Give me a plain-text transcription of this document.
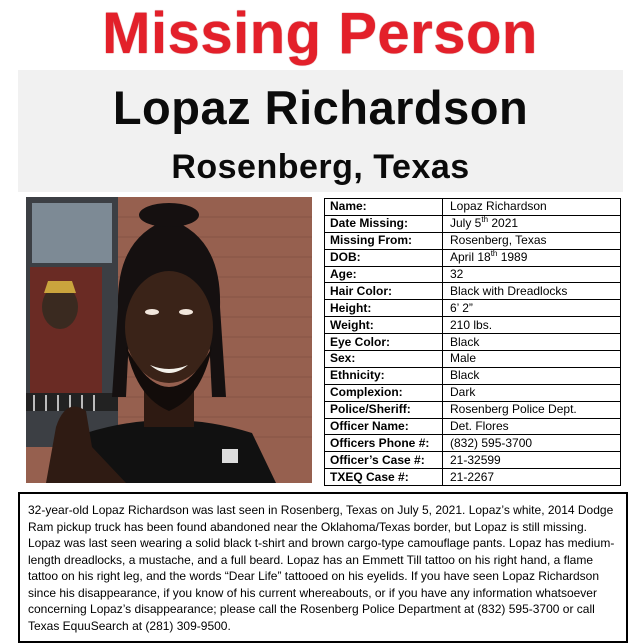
Missing Person
Lopaz Richardson
Rosenberg, Texas
Name:	Lopaz Richardson
Date Missing:	July 5th 2021
Missing From:	Rosenberg, Texas
DOB:	April 18th 1989
Age:	32
Hair Color:	Black with Dreadlocks
Height:	6’ 2”
Weight:	210 lbs.
Eye Color:	Black
Sex:	Male
Ethnicity:	Black
Complexion:	Dark
Police/Sheriff:	Rosenberg Police Dept.
Officer Name:	Det. Flores
Officers Phone #:	(832) 595-3700
Officer’s Case #:	21-32599
TXEQ Case #:	21-2267
32-year-old Lopaz Richardson was last seen in Rosenberg, Texas on July 5, 2021. Lopaz’s white, 2014 Dodge Ram pickup truck has been found abandoned near the Oklahoma/Texas border, but Lopaz is still missing. Lopaz was last seen wearing a solid black t-shirt and brown cargo-type camouflage pants. Lopaz has medium-length dreadlocks, a mustache, and a full beard. Lopaz has an Emmett Till tattoo on his right hand, a flame tattoo on his right leg, and the words “Dear Life” tattooed on his eyelids. If you have seen Lopaz Richardson since his disappearance, if you know of his current whereabouts, or if you have any information whatsoever concerning Lopaz’s disappearance; please call the Rosenberg Police Department at (832) 595-3700 or call Texas EquuSearch at (281) 309-9500.
